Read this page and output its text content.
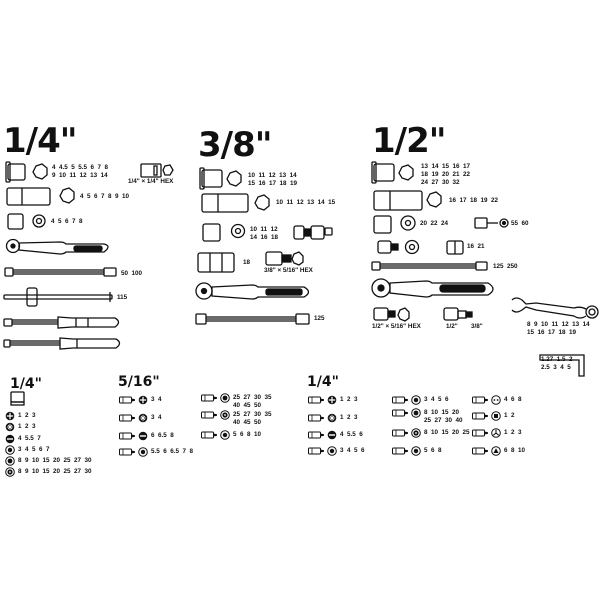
1  2  3
1  2  3
4  5.5  7
3  4  5  6  7
8  9  10  15  20  25  27  30
8  9  10  15  20  25  27  30
3  4
3  4
6  6.5  8
5.5  6  6.5  7  8
25  27  30  35
40  45  50
25  27  30  35
40  45  50
5  6  8  10
1  2  3
1  2  3
4  5.5  6
3  4  5  6
3  4  5  6
8  10  15  20
25  27  30  40
8  10  15  20  25
5  6  8
4  6  8
1  2
1  2  3
6  8  10
1/4"	3/8"	1/2"
1/4"	5/16"	1/4"
4  4.5  5  5.5  6  7  8
9  10  11  12  13  14
1/4" × 1/4" HEX
4  5  6  7  8  9  10
4  5  6  7  8
50  100
115
10  11  12  13  14
15  16  17  18  19
10  11  12  13  14  15
10  11  12
14  16  18
18
3/8" × 5/16" HEX
125
13  14  15  16  17
18  19  20  21  22
24  27  30  32
16  17  18  19  22
20  22  24	55  60
16  21
125  250
1/2" × 5/16" HEX	1/2" 3/8"	8  9  10  11  12  13  14
15  16  17  18  19
1.27  1.5  2
2.5  3  4  5
